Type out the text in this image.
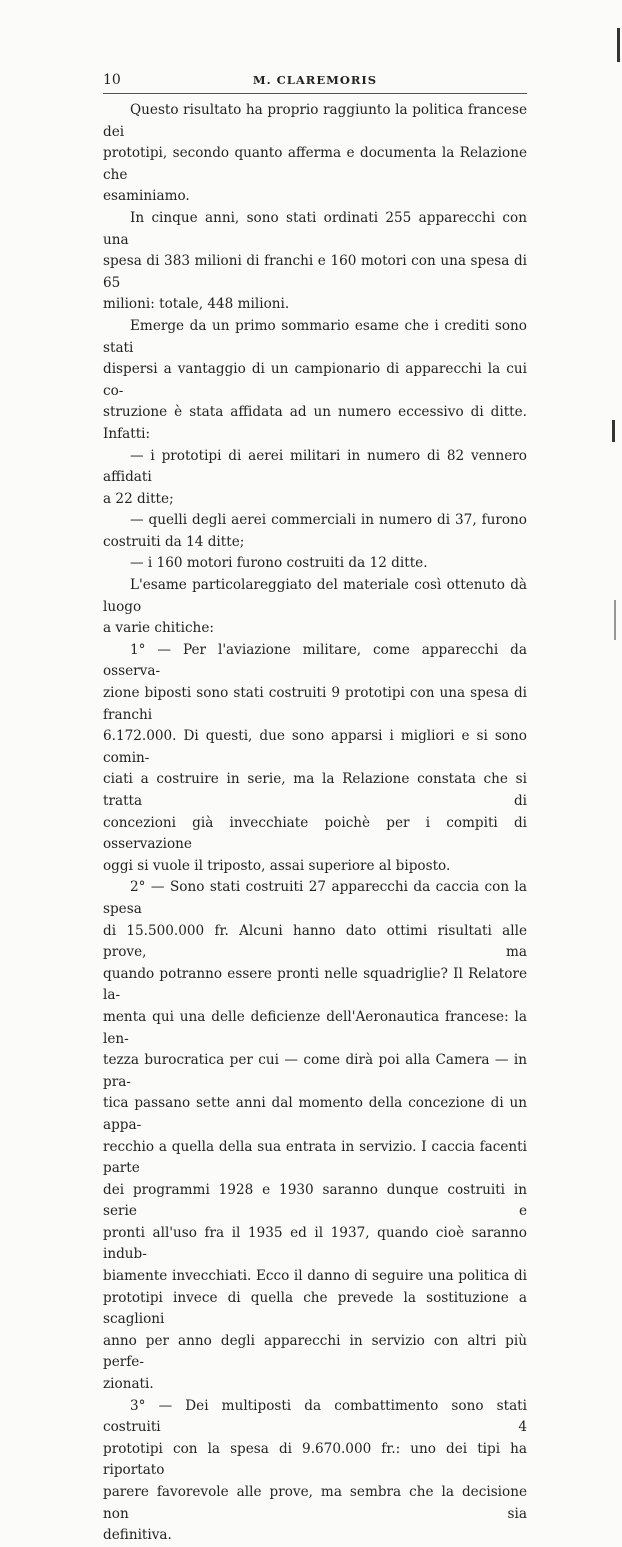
10	M. CLAREMORIS
Questo risultato ha proprio raggiunto la politica francese dei
prototipi, secondo quanto afferma e documenta la Relazione che
esaminiamo.
In cinque anni, sono stati ordinati 255 apparecchi con una
spesa di 383 milioni di franchi e 160 motori con una spesa di 65
milioni: totale, 448 milioni.
Emerge da un primo sommario esame che i crediti sono stati
dispersi a vantaggio di un campionario di apparecchi la cui co-
struzione è stata affidata ad un numero eccessivo di ditte. Infatti:
— i prototipi di aerei militari in numero di 82 vennero affidati
a 22 ditte;
— quelli degli aerei commerciali in numero di 37, furono
costruiti da 14 ditte;
— i 160 motori furono costruiti da 12 ditte.
L'esame particolareggiato del materiale così ottenuto dà luogo
a varie chitiche:
1° — Per l'aviazione militare, come apparecchi da osserva-
zione biposti sono stati costruiti 9 prototipi con una spesa di franchi
6.172.000. Di questi, due sono apparsi i migliori e si sono comin-
ciati a costruire in serie, ma la Relazione constata che si tratta di
concezioni già invecchiate poichè per i compiti di osservazione
oggi si vuole il triposto, assai superiore al biposto.
2° — Sono stati costruiti 27 apparecchi da caccia con la spesa
di 15.500.000 fr. Alcuni hanno dato ottimi risultati alle prove, ma
quando potranno essere pronti nelle squadriglie? Il Relatore la-
menta qui una delle deficienze dell'Aeronautica francese: la len-
tezza burocratica per cui — come dirà poi alla Camera — in pra-
tica passano sette anni dal momento della concezione di un appa-
recchio a quella della sua entrata in servizio. I caccia facenti parte
dei programmi 1928 e 1930 saranno dunque costruiti in serie e
pronti all'uso fra il 1935 ed il 1937, quando cioè saranno indub-
biamente invecchiati. Ecco il danno di seguire una politica di
prototipi invece di quella che prevede la sostituzione a scaglioni
anno per anno degli apparecchi in servizio con altri più perfe-
zionati.
3° — Dei multiposti da combattimento sono stati costruiti 4
prototipi con la spesa di 9.670.000 fr.: uno dei tipi ha riportato
parere favorevole alle prove, ma sembra che la decisione non sia
definitiva.
